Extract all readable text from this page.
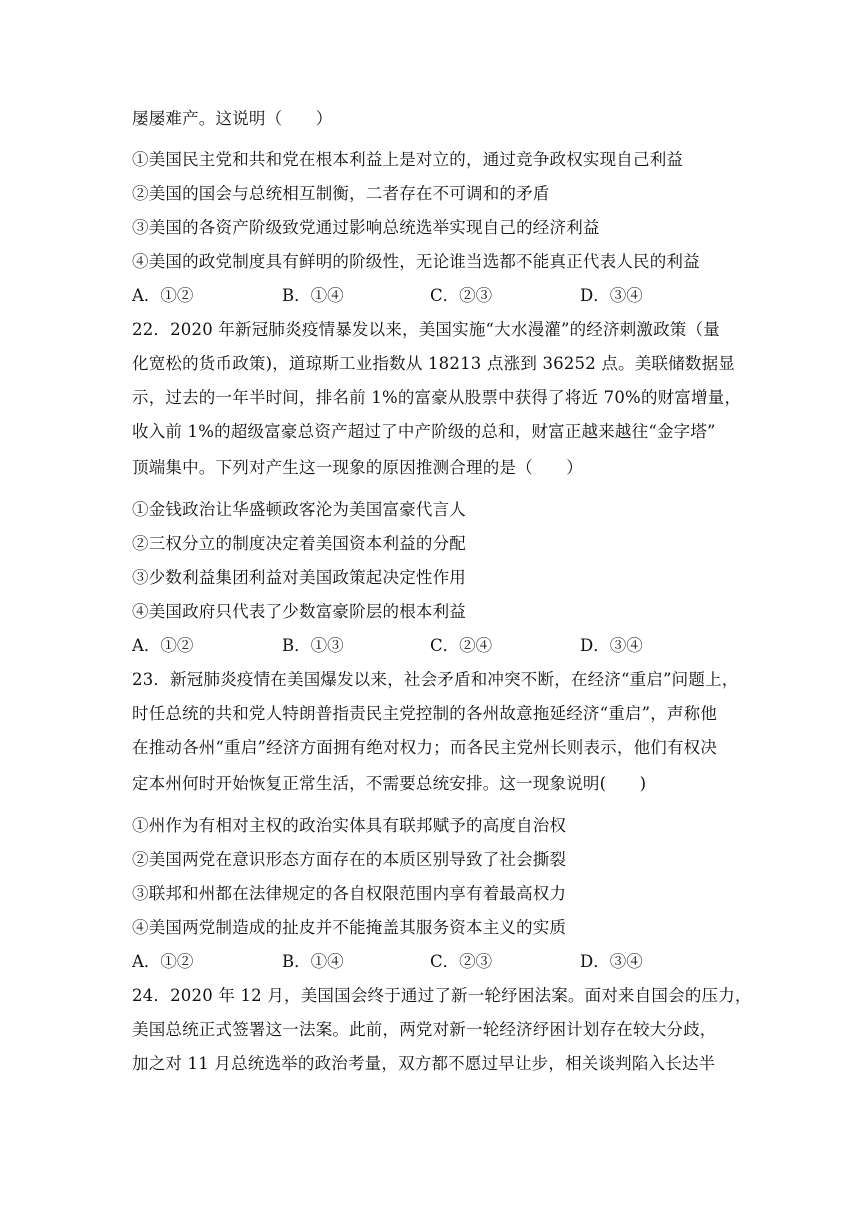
屡屡难产。这说明（　　）
①美国民主党和共和党在根本利益上是对立的，通过竞争政权实现自己利益
②美国的国会与总统相互制衡，二者存在不可调和的矛盾
③美国的各资产阶级致党通过影响总统选举实现自己的经济利益
④美国的政党制度具有鲜明的阶级性，无论谁当选都不能真正代表人民的利益
A．①②	B．①④	C．②③	D．③④
22．2020 年新冠肺炎疫情暴发以来，美国实施“大水漫灌”的经济刺激政策（量
化宽松的货币政策)，道琼斯工业指数从 18213 点涨到 36252 点。美联储数据显
示，过去的一年半时间，排名前 1%的富豪从股票中获得了将近 70%的财富增量，
收入前 1%的超级富豪总资产超过了中产阶级的总和，财富正越来越往“金字塔”
顶端集中。下列对产生这一现象的原因推测合理的是（　　）
①金钱政治让华盛顿政客沦为美国富豪代言人
②三权分立的制度决定着美国资本利益的分配
③少数利益集团利益对美国政策起决定性作用
④美国政府只代表了少数富豪阶层的根本利益
A．①②	B．①③	C．②④	D．③④
23．新冠肺炎疫情在美国爆发以来，社会矛盾和冲突不断，在经济“重启”问题上，
时任总统的共和党人特朗普指责民主党控制的各州故意拖延经济“重启”，声称他
在推动各州“重启”经济方面拥有绝对权力；而各民主党州长则表示，他们有权决
定本州何时开始恢复正常生活，不需要总统安排。这一现象说明(　　)
①州作为有相对主权的政治实体具有联邦赋予的高度自治权
②美国两党在意识形态方面存在的本质区别导致了社会撕裂
③联邦和州都在法律规定的各自权限范围内享有着最高权力
④美国两党制造成的扯皮并不能掩盖其服务资本主义的实质
A．①②	B．①④	C．②③	D．③④
24．2020 年 12 月，美国国会终于通过了新一轮纾困法案。面对来自国会的压力，
美国总统正式签署这一法案。此前，两党对新一轮经济纾困计划存在较大分歧，
加之对 11 月总统选举的政治考量，双方都不愿过早让步，相关谈判陷入长达半
